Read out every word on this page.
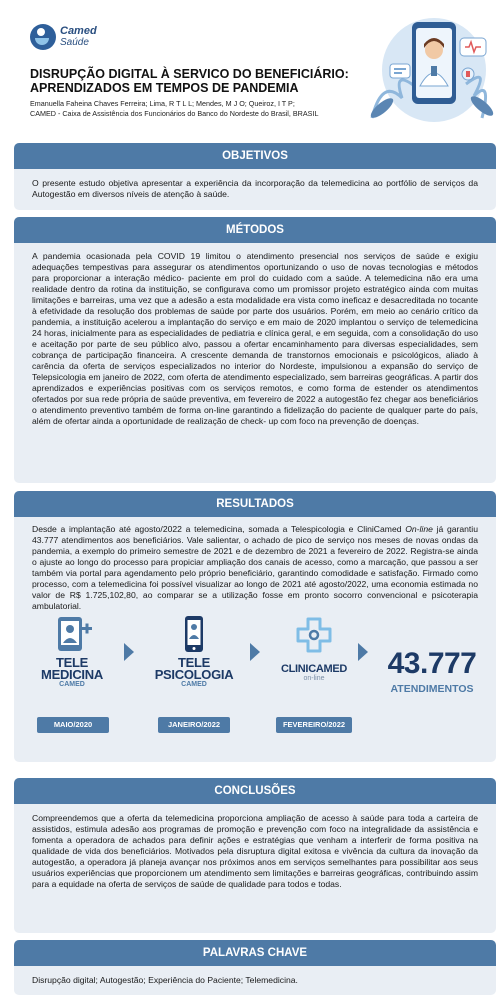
Camed
Saúde
DISRUPÇÃO DIGITAL À SERVICO DO BENEFICIÁRIO: APRENDIZADOS EM TEMPOS DE PANDEMIA
Emanuella Faheina Chaves Ferreira; Lima, R T L L; Mendes, M J O; Queiroz, I T P;
CAMED - Caixa de Assistência dos Funcionários do Banco do Nordeste do Brasil, BRASIL
OBJETIVOS
O presente estudo objetiva apresentar a experiência da incorporação da telemedicina ao portfólio de serviços da Autogestão em diversos níveis de atenção à saúde.
MÉTODOS
A pandemia ocasionada pela COVID 19 limitou o atendimento presencial nos serviços de saúde e exigiu adequações tempestivas para assegurar os atendimentos oportunizando o uso de novas tecnologias e métodos para proporcionar a interação médico- paciente em prol do cuidado com a saúde. A telemedicina não era uma realidade dentro da rotina da instituição, se configurava como um promissor projeto estratégico ainda com muitas limitações e barreiras, uma vez que a adesão a esta modalidade era vista como ineficaz e desacreditada no tocante à efetividade da resolução dos problemas de saúde por parte dos usuários. Porém, em meio ao cenário crítico da pandemia, a instituição acelerou a implantação do serviço e em maio de 2020 implantou o serviço de telemedicina 24 horas, inicialmente para as especialidades de pediatria e clínica geral, e em seguida, com a consolidação do uso e aceitação por parte de seu público alvo, passou a ofertar encaminhamento para diversas especialidades, sem cobrança de participação financeira. A crescente demanda de transtornos emocionais e psicológicos, aliado à carência da oferta de serviços especializados no interior do Nordeste, impulsionou a expansão do serviço de Telepsicologia em janeiro de 2022, com oferta de atendimento especializado, sem barreiras geográficas. A partir dos aprendizados e experiências positivas com os serviços remotos, e como forma de estender os atendimentos ofertados por sua rede própria de saúde preventiva, em fevereiro de 2022 a autogestão fez chegar aos beneficiários o atendimento preventivo também de forma on-line garantindo a fidelização do paciente de qualquer parte do país, além de ofertar ainda a oportunidade de realização de check- up com foco na prevenção de doenças.
RESULTADOS
Desde a implantação até agosto/2022 a telemedicina, somada a Telespicologia e CliniCamed On-line já garantiu 43.777 atendimentos aos beneficiários. Vale salientar, o achado de pico de serviço nos meses de novas ondas da pandemia, a exemplo do primeiro semestre de 2021 e de dezembro de 2021 a fevereiro de 2022. Registra-se ainda o ajuste ao longo do processo para propiciar ampliação dos canais de acesso, como a marcação, que passou a ser também via portal para agendamento pelo próprio beneficiário, garantindo comodidade e satisfação. Firmado como processo, com a telemedicina foi possível visualizar ao longo de 2021 até agosto/2022, uma economia estimada no valor de R$ 1.725,102,80, ao comparar se a utilização fosse em pronto socorro convencional e psicoterapia ambulatorial.
TELE
MEDICINA
CAMED
MAIO/2020
TELE
PSICOLOGIA
CAMED
JANEIRO/2022
CLINICAMED
on-line
FEVEREIRO/2022
43.777
ATENDIMENTOS
CONCLUSÕES
Compreendemos que a oferta da telemedicina proporciona ampliação de acesso à saúde para toda a carteira de assistidos, estimula adesão aos programas de promoção e prevenção com foco na integralidade da assistência e fomenta a operadora de achados para definir ações e estratégias que venham a interferir de forma positiva na qualidade de vida dos beneficiários. Motivados pela disruptura digital exitosa e vivência da cultura da inovação da autogestão, a operadora já planeja avançar nos próximos anos em serviços semelhantes para possibilitar aos seus usuários experiências que proporcionem um atendimento sem limitações e barreiras geográficas, contribuindo assim para a equidade na oferta de serviços de saúde de qualidade para todos e todas.
PALAVRAS CHAVE
Disrupção digital; Autogestão; Experiência do Paciente; Telemedicina.
